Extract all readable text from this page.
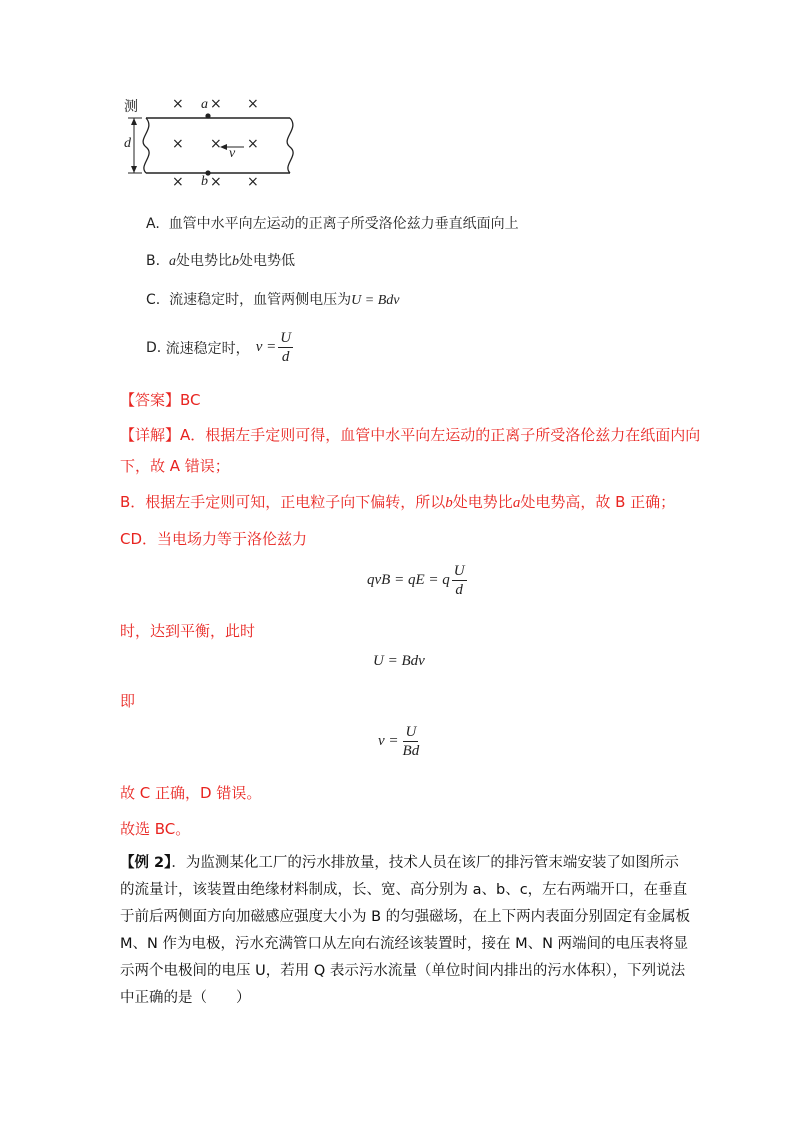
测
d
a
b
v
× × ×
× × ×
× × ×
A. 血管中水平向左运动的正离子所受洛伦兹力垂直纸面向上
B. a处电势比b处电势低
C. 流速稳定时，血管两侧电压为U = Bdv
D.
流速稳定时， $v = \frac{U}{d}$
【答案】BC
【详解】A．根据左手定则可得，血管中水平向左运动的正离子所受洛伦兹力在纸面内向
下，故 A 错误；
B．根据左手定则可知，正电粒子向下偏转，所以b处电势比a处电势高，故 B 正确；
CD．当电场力等于洛伦兹力
qvB = qE = q $\frac{U}{d}$
时，达到平衡，此时
U = Bdv
即
$v = \frac{U}{Bd}$
故 C 正确，D 错误。
故选 BC。
【例 2】．为监测某化工厂的污水排放量，技术人员在该厂的排污管末端安装了如图所示
的流量计，该装置由绝缘材料制成，长、宽、高分别为 a、b、c，左右两端开口，在垂直
于前后两侧面方向加磁感应强度大小为 B 的匀强磁场，在上下两内表面分别固定有金属板
M、N 作为电极，污水充满管口从左向右流经该装置时，接在 M、N 两端间的电压表将显
示两个电极间的电压 U，若用 Q 表示污水流量（单位时间内排出的污水体积），下列说法
中正确的是（　　）
